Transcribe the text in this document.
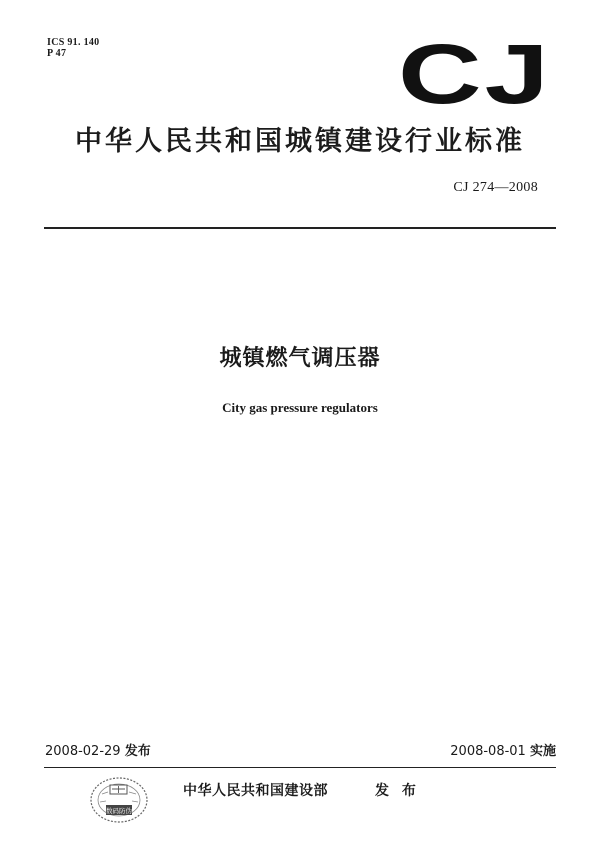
ICS 91. 140
P 47	CJ
中华人民共和国城镇建设行业标准
CJ 274—2008
城镇燃气调压器
City gas pressure regulators
2008-02-29 发布	2008-08-01 实施
数码防伪
中华人民共和国建设部	发 布
